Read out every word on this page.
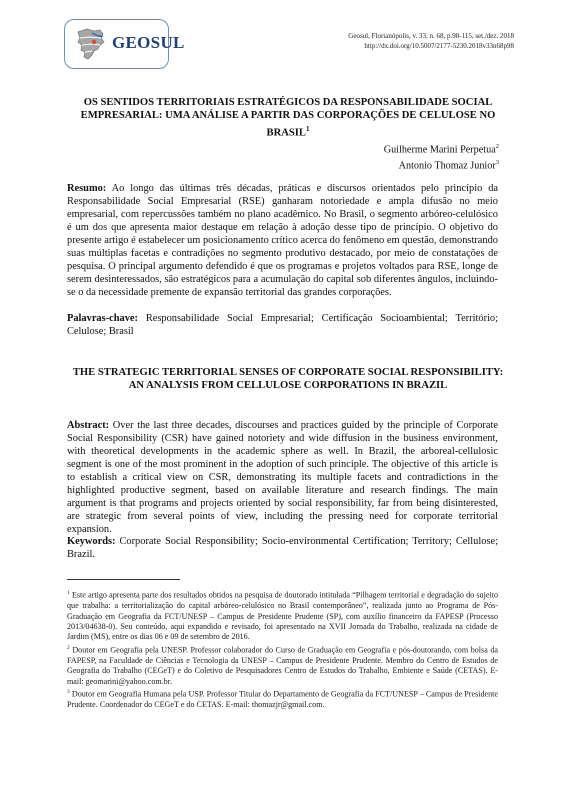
GEOSUL	Geosul, Florianópolis, v. 33, n. 68, p.98-115, set./dez. 2018
http://dx.doi.org/10.5007/2177-5230.2018v33n68p98
OS SENTIDOS TERRITORIAIS ESTRATÉGICOS DA RESPONSABILIDADE SOCIAL EMPRESARIAL: UMA ANÁLISE A PARTIR DAS CORPORAÇÕES DE CELULOSE NO BRASIL$^1$
Guilherme Marini Perpetua$^2$
Antonio Thomaz Junior$^3$
Resumo: Ao longo das últimas três décadas, práticas e discursos orientados pelo princípio da Responsabilidade Social Empresarial (RSE) ganharam notoriedade e ampla difusão no meio empresarial, com repercussões também no plano acadêmico. No Brasil, o segmento arbóreo-celulósico é um dos que apresenta maior destaque em relação à adoção desse tipo de princípio. O objetivo do presente artigo é estabelecer um posicionamento crítico acerca do fenômeno em questão, demonstrando suas múltiplas facetas e contradições no segmento produtivo destacado, por meio de constatações de pesquisa. O principal argumento defendido é que os programas e projetos voltados para RSE, longe de serem desinteressados, são estratégicos para a acumulação do capital sob diferentes ângulos, incluindo-se o da necessidade premente de expansão territorial das grandes corporações.
Palavras-chave: Responsabilidade Social Empresarial; Certificação Socioambiental; Território; Celulose; Brasil
THE STRATEGIC TERRITORIAL SENSES OF CORPORATE SOCIAL RESPONSIBILITY: AN ANALYSIS FROM CELLULOSE CORPORATIONS IN BRAZIL
Abstract: Over the last three decades, discourses and practices guided by the principle of Corporate Social Responsibility (CSR) have gained notoriety and wide diffusion in the business environment, with theoretical developments in the academic sphere as well. In Brazil, the arboreal-cellulosic segment is one of the most prominent in the adoption of such principle. The objective of this article is to establish a critical view on CSR, demonstrating its multiple facets and contradictions in the highlighted productive segment, based on available literature and research findings. The main argument is that programs and projects oriented by social responsibility, far from being disinterested, are strategic from several points of view, including the pressing need for corporate territorial expansion.
Keywords: Corporate Social Responsibility; Socio-environmental Certification; Territory; Cellulose; Brazil.

$^1$ Este artigo apresenta parte dos resultados obtidos na pesquisa de doutorado intitulada “Pilhagem territorial e degradação do sujeito que trabalha: a territorialização do capital arbóreo-celulósico no Brasil contemporâneo”, realizada junto ao Programa de Pós-Graduação em Geografia da FCT/UNESP – Campus de Presidente Prudente (SP), com auxílio financeiro da FAPESP (Processo 2013/04638-0). Seu conteúdo, aqui expandido e revisado, foi apresentado na XVII Jornada do Trabalho, realizada na cidade de Jardim (MS), entre os dias 06 e 09 de setembro de 2016.

$^2$ Doutor em Geografia pela UNESP. Professor colaborador do Curso de Graduação em Geografia e pós-doutorando, com bolsa da FAPESP, na Faculdade de Ciências e Tecnologia da UNESP – Campus de Presidente Prudente. Membro do Centro de Estudos de Geografia do Trabalho (CEGeT) e do Coletivo de Pesquisadores Centro de Estudos do Trabalho, Embiente e Saúde (CETAS). E-mail: geomarini@yahoo.com.br.

$^3$ Doutor em Geografia Humana pela USP. Professor Titular do Departamento de Geografia da FCT/UNESP – Campus de Presidente Prudente. Coordenador do CEGeT e do CETAS. E-mail: thomazjr@gmail.com.
